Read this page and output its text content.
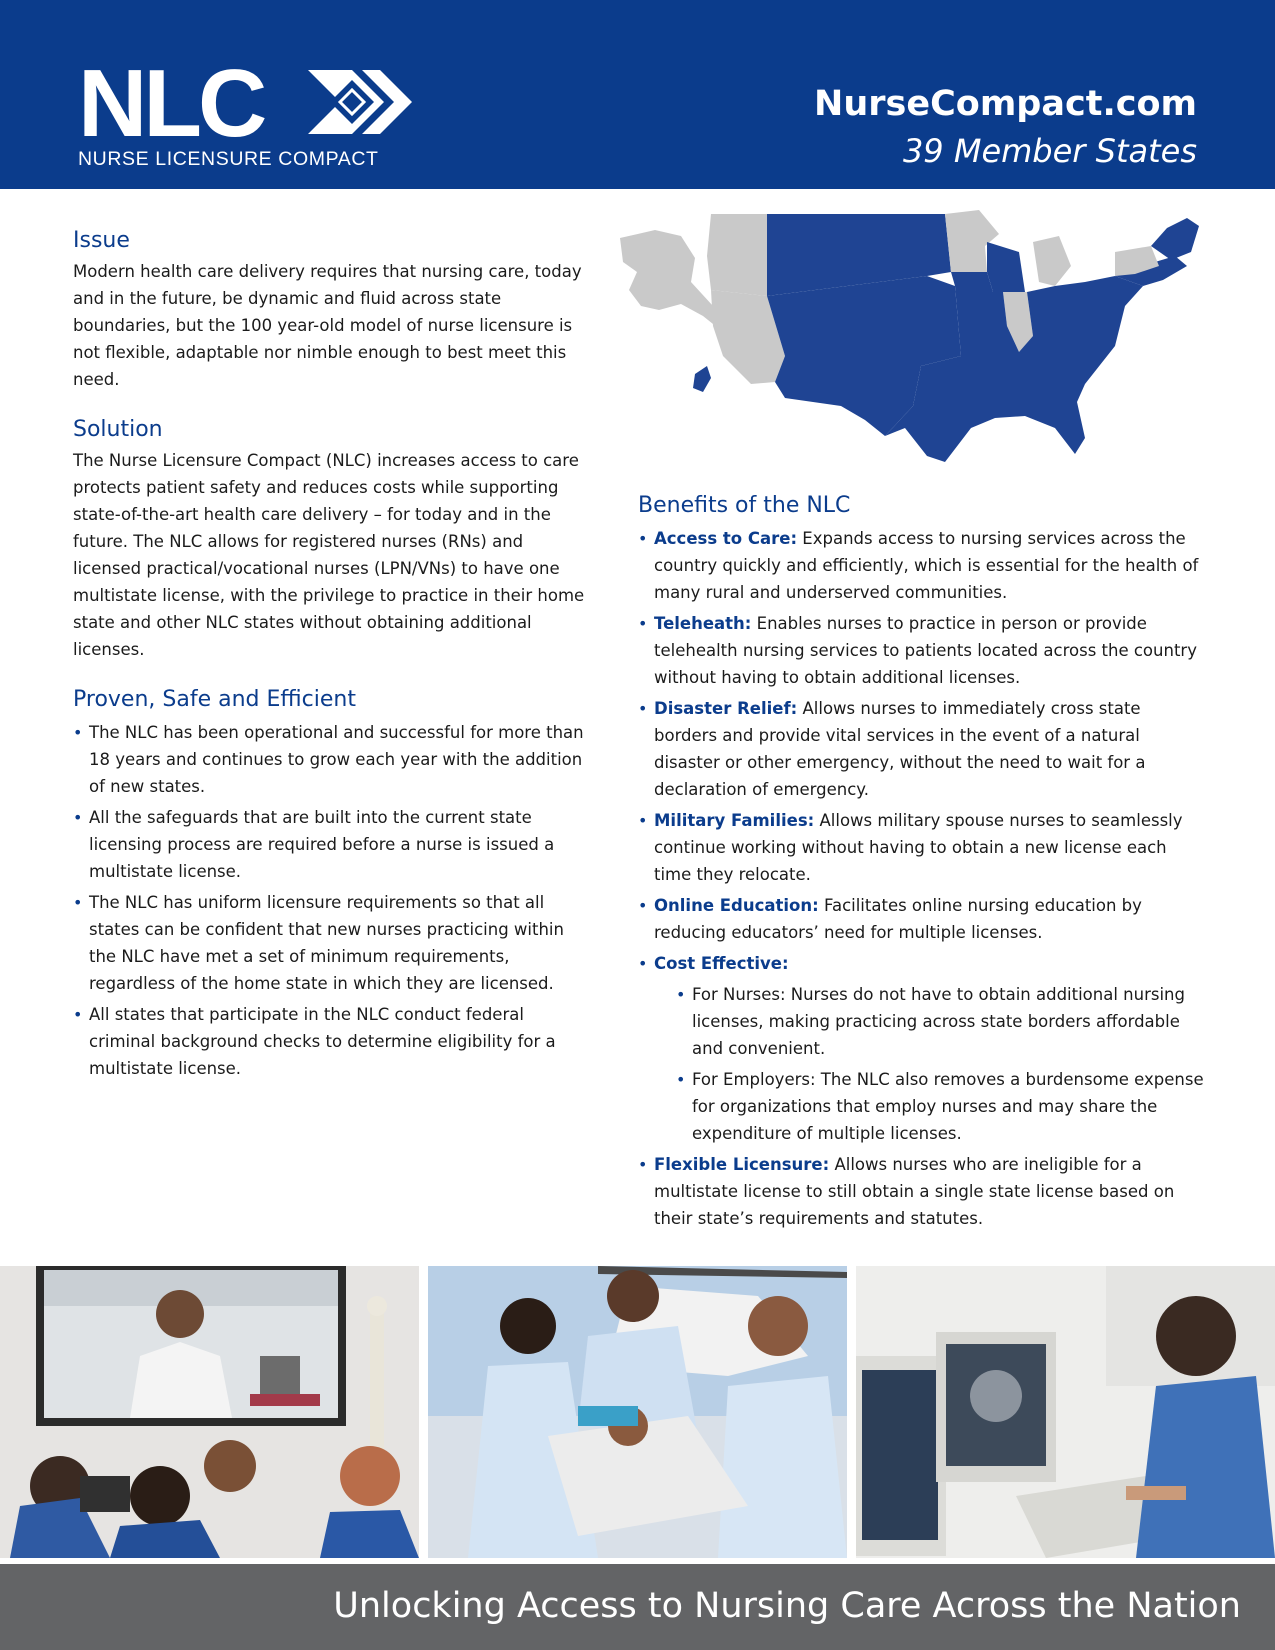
NLC
NURSE LICENSURE COMPACT
NurseCompact.com
39 Member States
Issue

Modern health care delivery requires that nursing care, today and in the future, be dynamic and fluid across state boundaries, but the 100 year-old model of nurse licensure is not flexible, adaptable nor nimble enough to best meet this need.

Solution

The Nurse Licensure Compact (NLC) increases access to care protects patient safety and reduces costs while supporting state-of-the-art health care delivery – for today and in the future. The NLC allows for registered nurses (RNs) and licensed practical/vocational nurses (LPN/VNs) to have one multistate license, with the privilege to practice in their home state and other NLC states without obtaining additional licenses.

Proven, Safe and Efficient
• The NLC has been operational and successful for more than 18 years and continues to grow each year with the addition of new states.
• All the safeguards that are built into the current state licensing process are required before a nurse is issued a multistate license.
• The NLC has uniform licensure requirements so that all states can be confident that new nurses practicing within the NLC have met a set of minimum requirements, regardless of the home state in which they are licensed.
• All states that participate in the NLC conduct federal criminal background checks to determine eligibility for a multistate license.
Benefits of the NLC
• Access to Care: Expands access to nursing services across the country quickly and efficiently, which is essential for the health of many rural and underserved communities.
• Teleheath: Enables nurses to practice in person or provide telehealth nursing services to patients located across the country without having to obtain additional licenses.
• Disaster Relief: Allows nurses to immediately cross state borders and provide vital services in the event of a natural disaster or other emergency, without the need to wait for a declaration of emergency.
• Military Families: Allows military spouse nurses to seamlessly continue working without having to obtain a new license each time they relocate.
• Online Education: Facilitates online nursing education by reducing educators’ need for multiple licenses.
• Cost Effective:
• For Nurses: Nurses do not have to obtain additional nursing licenses, making practicing across state borders affordable and convenient.
• For Employers: The NLC also removes a burdensome expense for organizations that employ nurses and may share the expenditure of multiple licenses.
• Flexible Licensure: Allows nurses who are ineligible for a multistate license to still obtain a single state license based on their state’s requirements and statutes.
Unlocking Access to Nursing Care Across the Nation
